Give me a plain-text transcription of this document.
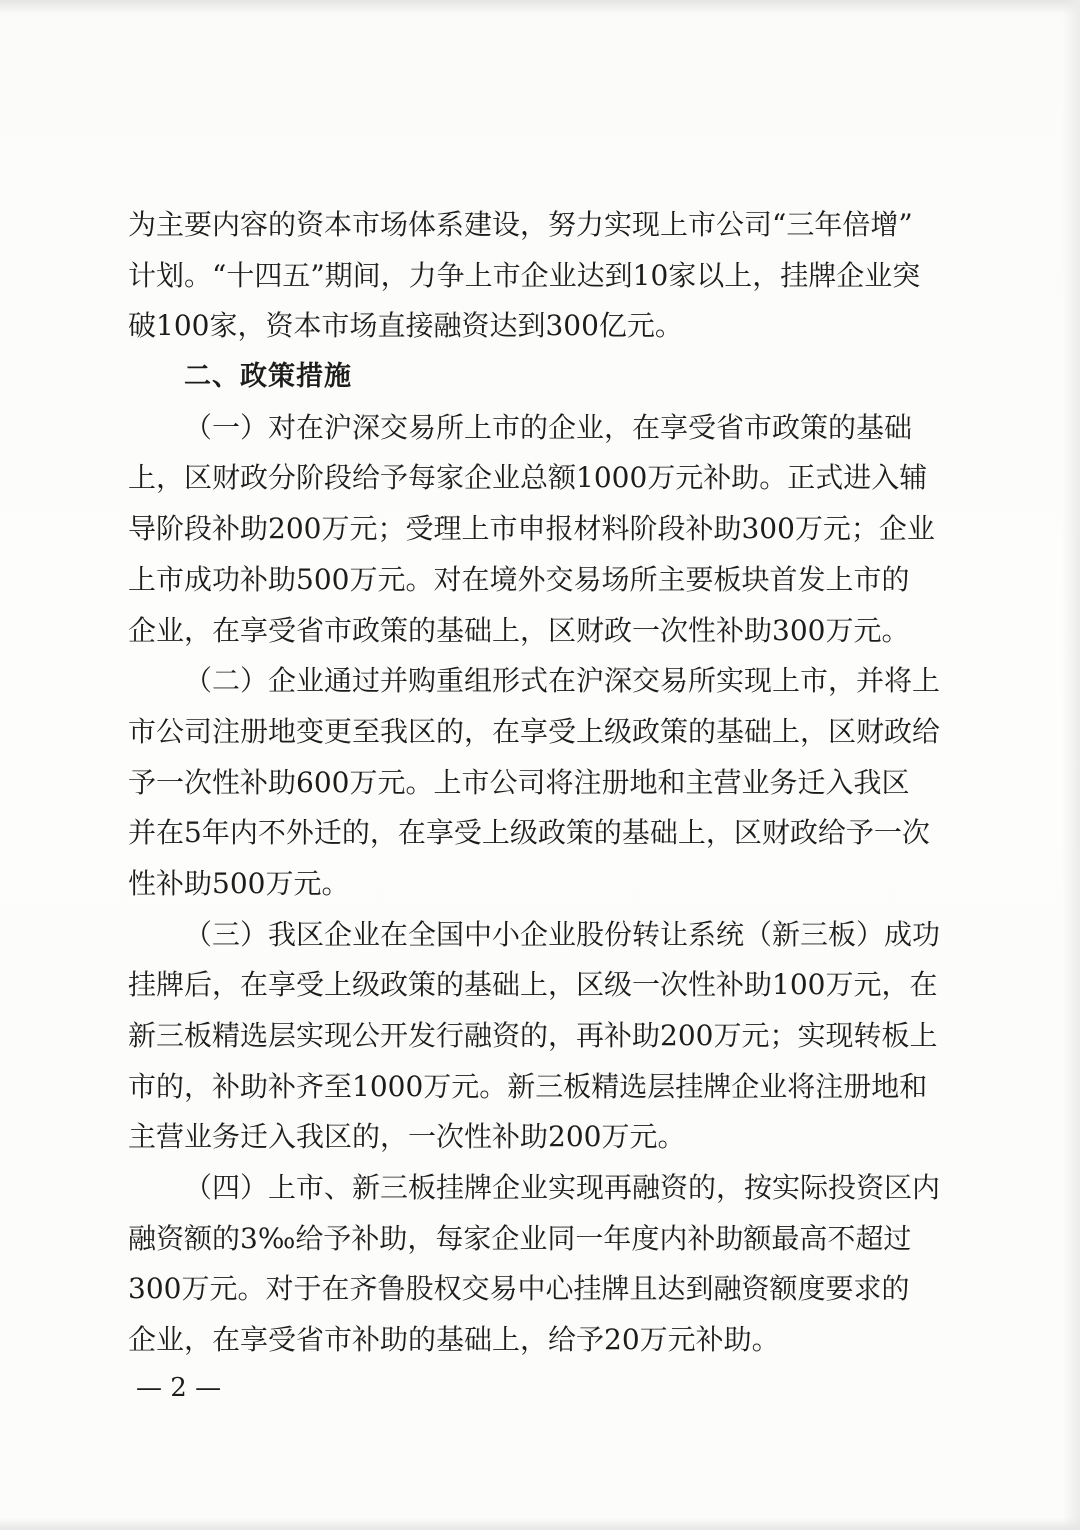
为主要内容的资本市场体系建设，努力实现上市公司“三年倍增”
计划。“十四五”期间，力争上市企业达到10家以上，挂牌企业突
破100家，资本市场直接融资达到300亿元。
二、政策措施
（一）对在沪深交易所上市的企业，在享受省市政策的基础
上，区财政分阶段给予每家企业总额1000万元补助。正式进入辅
导阶段补助200万元；受理上市申报材料阶段补助300万元；企业
上市成功补助500万元。对在境外交易场所主要板块首发上市的
企业，在享受省市政策的基础上，区财政一次性补助300万元。
（二）企业通过并购重组形式在沪深交易所实现上市，并将上
市公司注册地变更至我区的，在享受上级政策的基础上，区财政给
予一次性补助600万元。上市公司将注册地和主营业务迁入我区
并在5年内不外迁的，在享受上级政策的基础上，区财政给予一次
性补助500万元。
（三）我区企业在全国中小企业股份转让系统（新三板）成功
挂牌后，在享受上级政策的基础上，区级一次性补助100万元，在
新三板精选层实现公开发行融资的，再补助200万元；实现转板上
市的，补助补齐至1000万元。新三板精选层挂牌企业将注册地和
主营业务迁入我区的，一次性补助200万元。
（四）上市、新三板挂牌企业实现再融资的，按实际投资区内
融资额的3‰给予补助，每家企业同一年度内补助额最高不超过
300万元。对于在齐鲁股权交易中心挂牌且达到融资额度要求的
企业，在享受省市补助的基础上，给予20万元补助。
— 2 —
